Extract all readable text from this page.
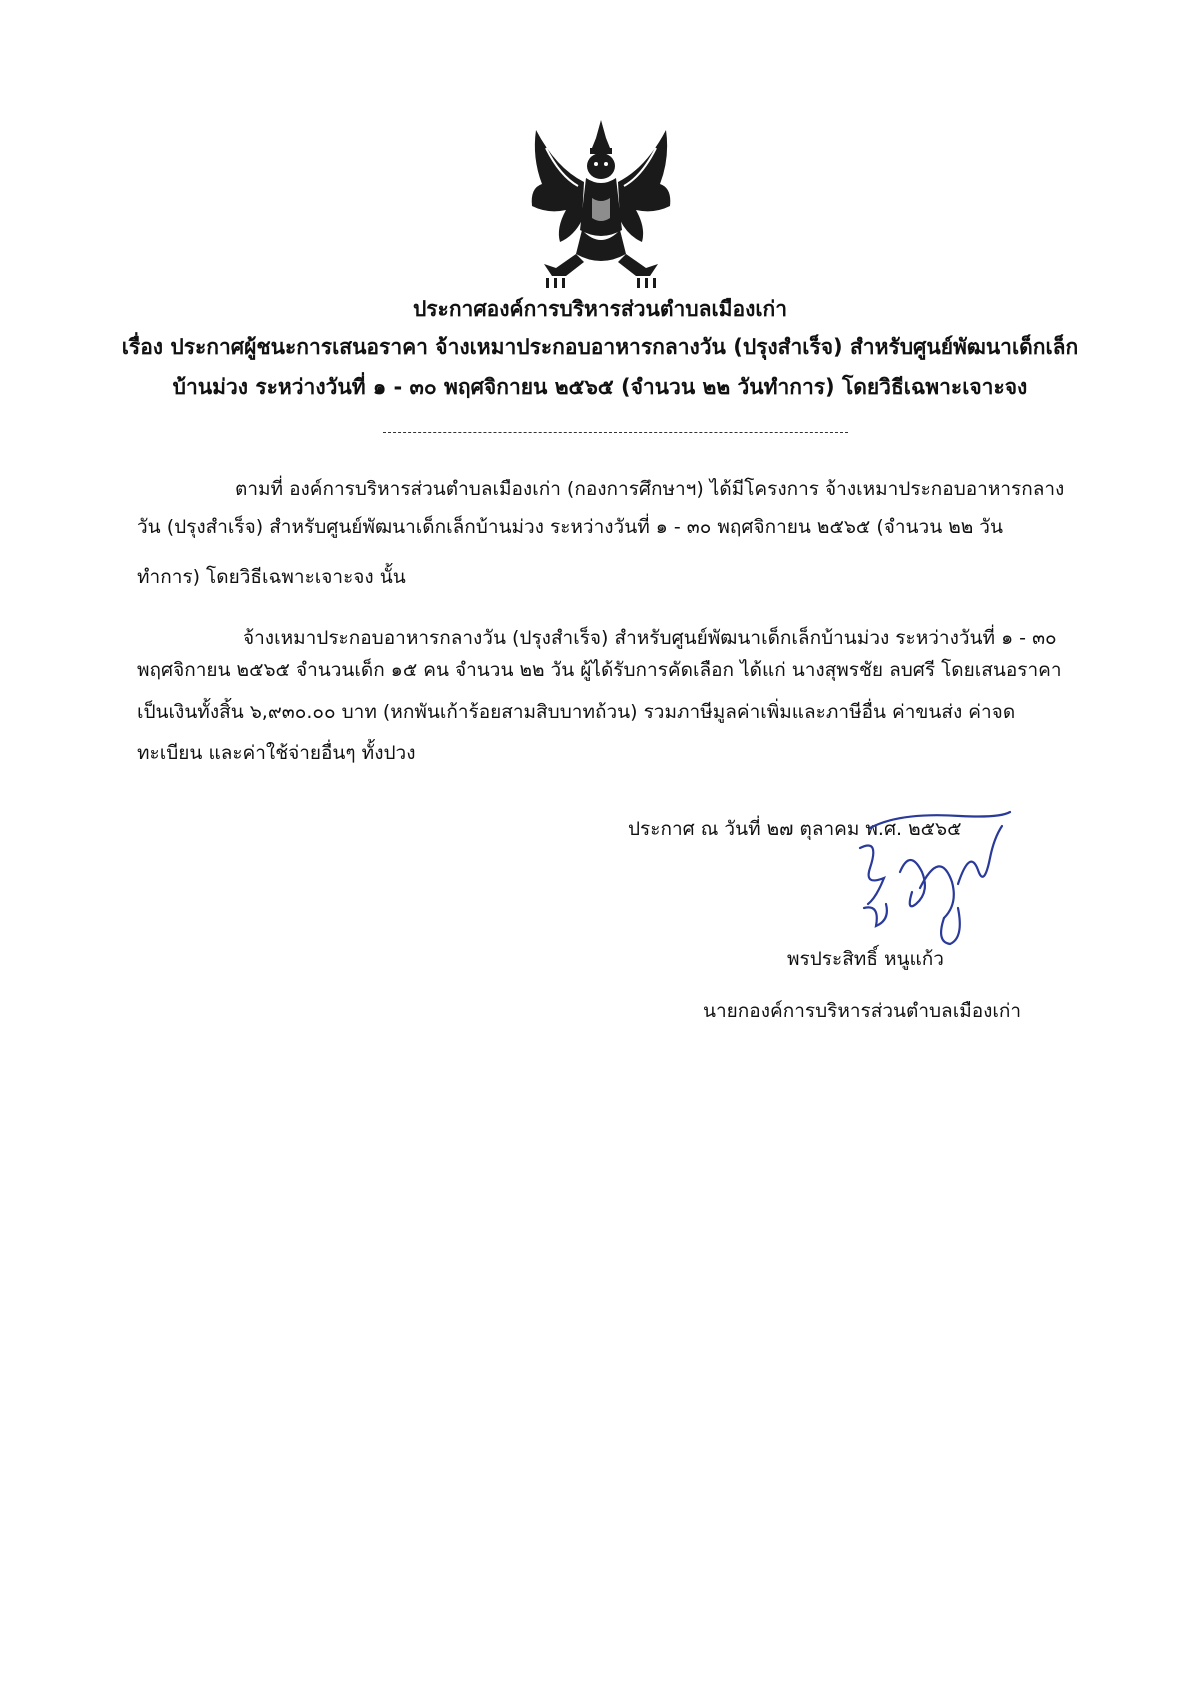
ประกาศองค์การบริหารส่วนตำบลเมืองเก่า
เรื่อง ประกาศผู้ชนะการเสนอราคา จ้างเหมาประกอบอาหารกลางวัน (ปรุงสำเร็จ) สำหรับศูนย์พัฒนาเด็กเล็ก
บ้านม่วง ระหว่างวันที่ ๑ - ๓๐ พฤศจิกายน ๒๕๖๕ (จำนวน ๒๒ วันทำการ) โดยวิธีเฉพาะเจาะจง
ตามที่ องค์การบริหารส่วนตำบลเมืองเก่า (กองการศึกษาฯ) ได้มีโครงการ จ้างเหมาประกอบอาหารกลาง
วัน (ปรุงสำเร็จ) สำหรับศูนย์พัฒนาเด็กเล็กบ้านม่วง ระหว่างวันที่ ๑ - ๓๐ พฤศจิกายน ๒๕๖๕ (จำนวน ๒๒ วัน
ทำการ) โดยวิธีเฉพาะเจาะจง นั้น
จ้างเหมาประกอบอาหารกลางวัน (ปรุงสำเร็จ) สำหรับศูนย์พัฒนาเด็กเล็กบ้านม่วง ระหว่างวันที่ ๑ - ๓๐
พฤศจิกายน ๒๕๖๕ จำนวนเด็ก ๑๕ คน จำนวน ๒๒ วัน ผู้ได้รับการคัดเลือก ได้แก่ นางสุพรชัย ลบศรี โดยเสนอราคา
เป็นเงินทั้งสิ้น ๖,๙๓๐.๐๐ บาท (หกพันเก้าร้อยสามสิบบาทถ้วน) รวมภาษีมูลค่าเพิ่มและภาษีอื่น ค่าขนส่ง ค่าจด
ทะเบียน และค่าใช้จ่ายอื่นๆ ทั้งปวง
ประกาศ ณ วันที่ ๒๗ ตุลาคม พ.ศ. ๒๕๖๕
พรประสิทธิ์ หนูแก้ว
นายกองค์การบริหารส่วนตำบลเมืองเก่า
